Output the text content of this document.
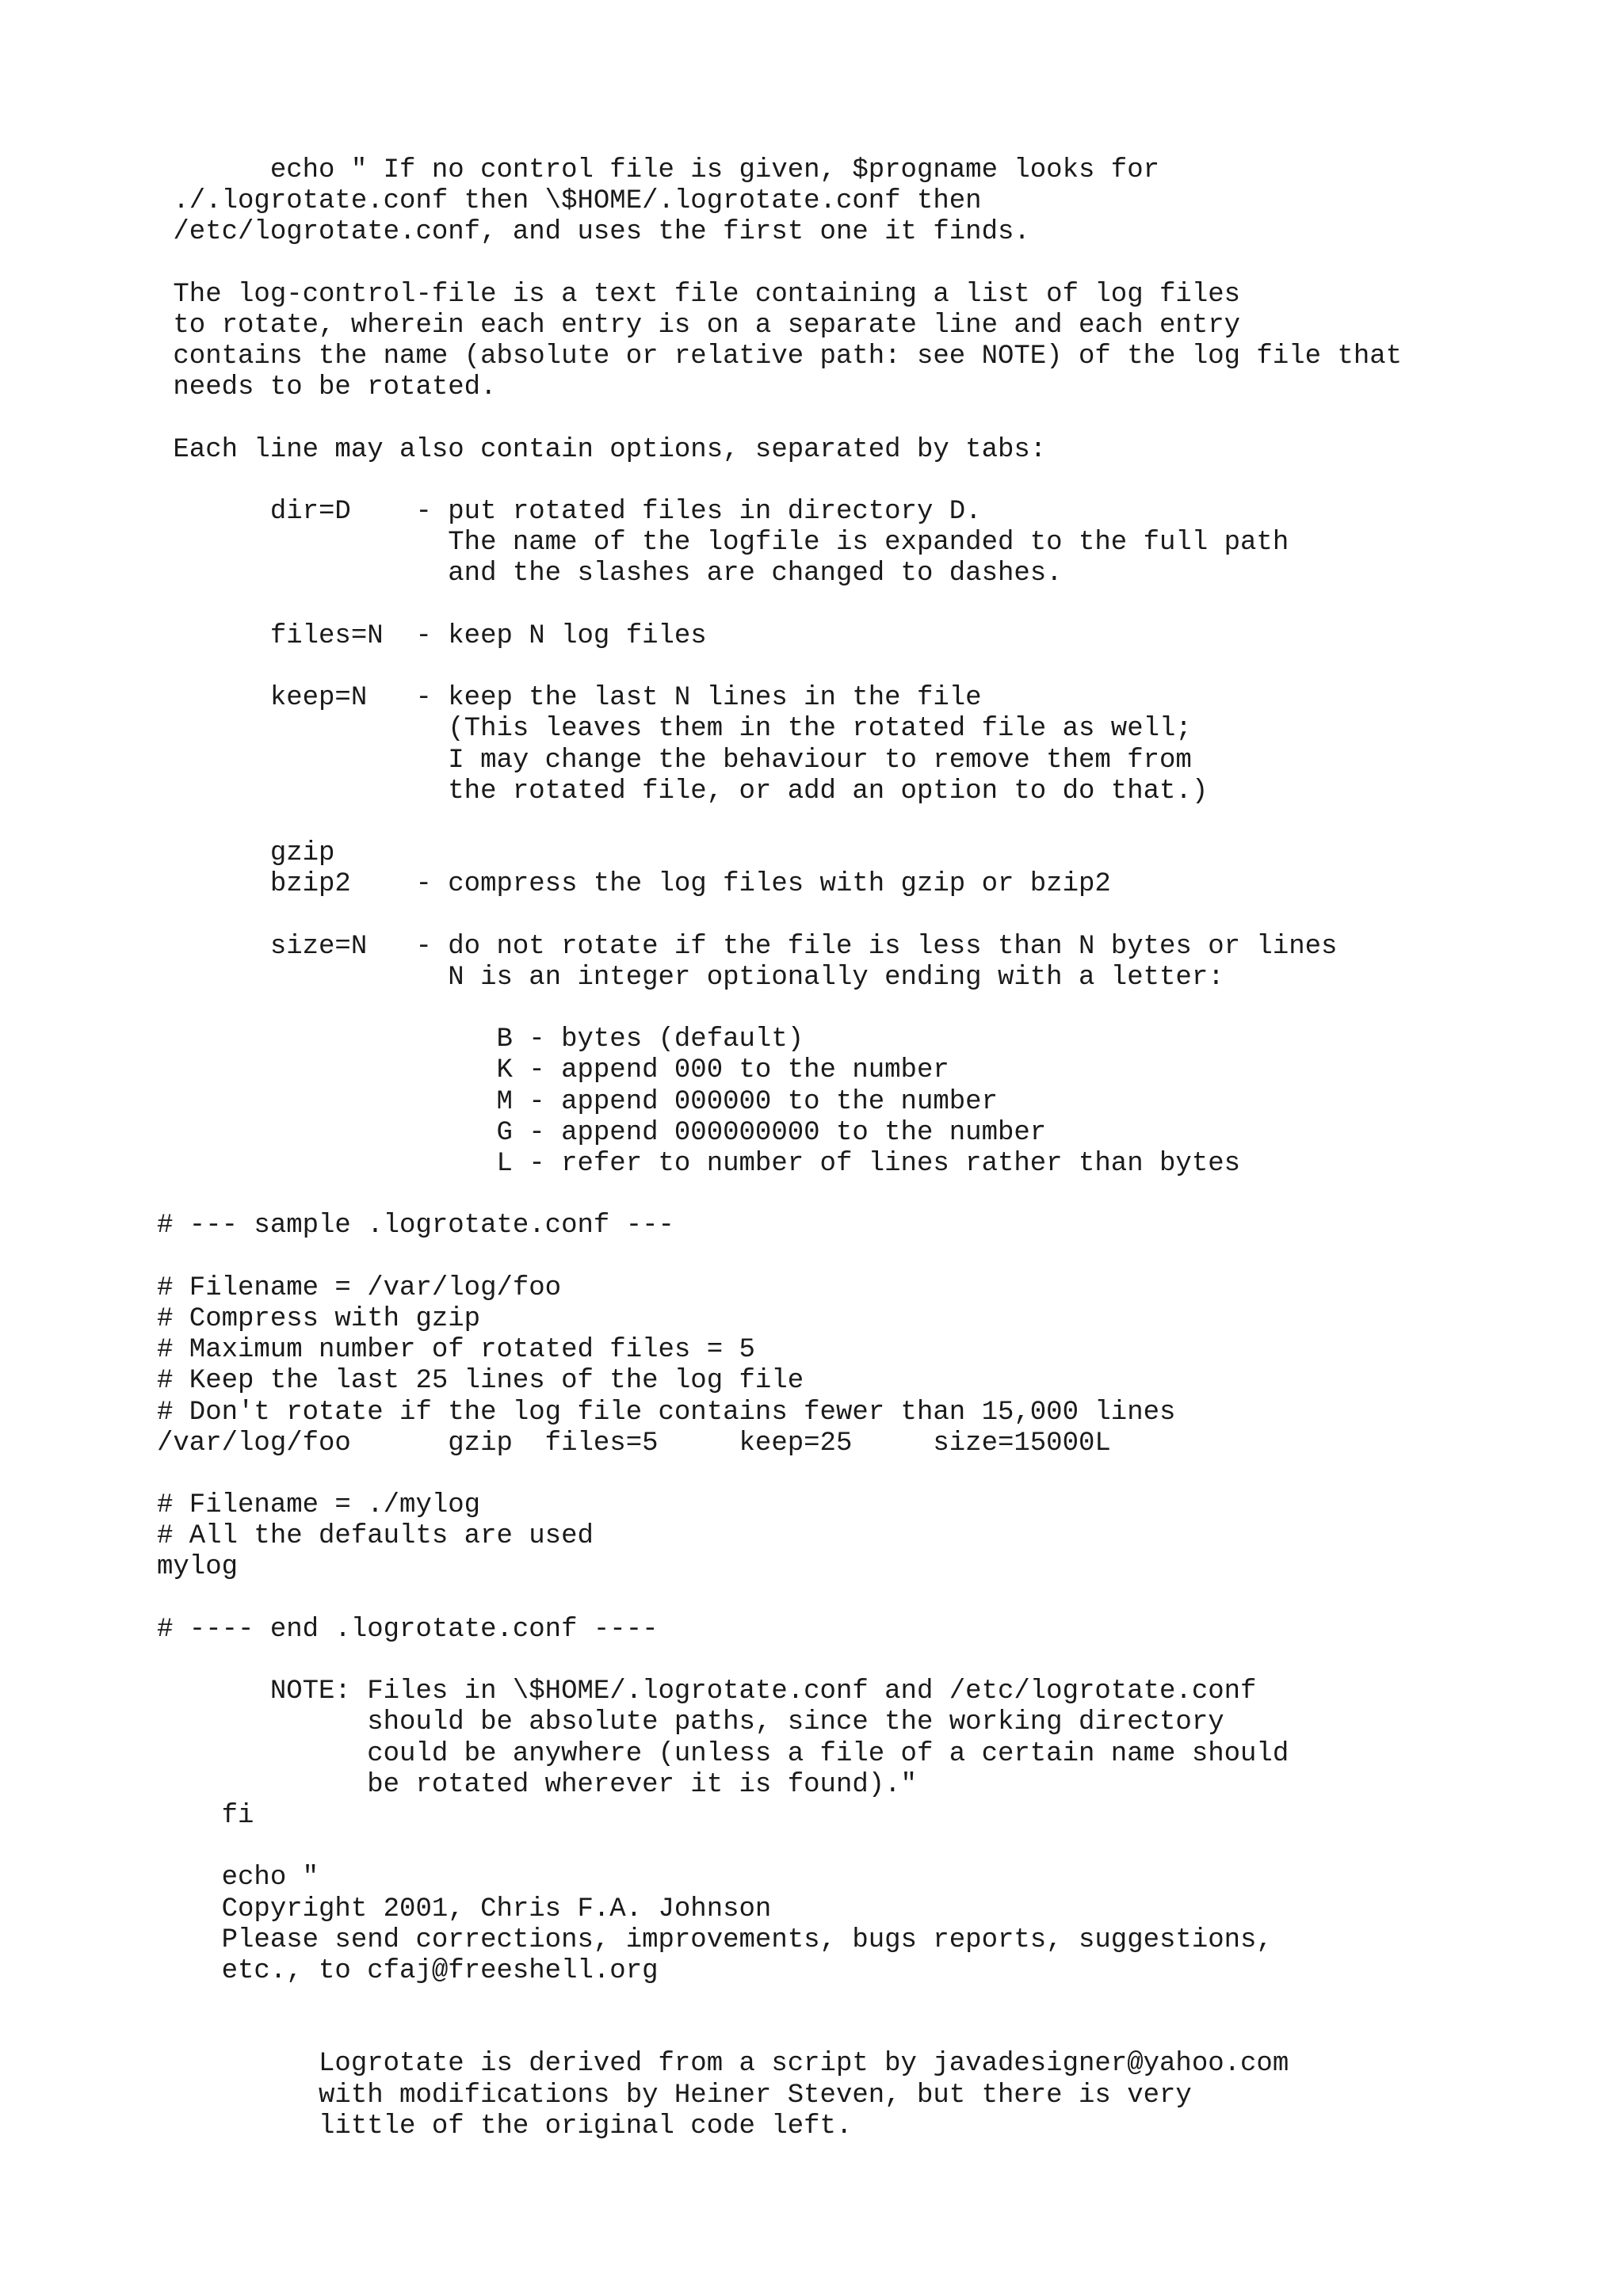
echo " If no control file is given, $progname looks for
./.logrotate.conf then \$HOME/.logrotate.conf then
/etc/logrotate.conf, and uses the first one it finds.
The log-control-file is a text file containing a list of log files
to rotate, wherein each entry is on a separate line and each entry
contains the name (absolute or relative path: see NOTE) of the log file that
needs to be rotated.
Each line may also contain options, separated by tabs:
dir=D    - put rotated files in directory D.
The name of the logfile is expanded to the full path
and the slashes are changed to dashes.
files=N  - keep N log files
keep=N   - keep the last N lines in the file
(This leaves them in the rotated file as well;
I may change the behaviour to remove them from
the rotated file, or add an option to do that.)
gzip
bzip2    - compress the log files with gzip or bzip2
size=N   - do not rotate if the file is less than N bytes or lines
N is an integer optionally ending with a letter:
B - bytes (default)
K - append 000 to the number
M - append 000000 to the number
G - append 000000000 to the number
L - refer to number of lines rather than bytes
# --- sample .logrotate.conf ---
# Filename = /var/log/foo
# Compress with gzip
# Maximum number of rotated files = 5
# Keep the last 25 lines of the log file
# Don't rotate if the log file contains fewer than 15,000 lines
/var/log/foo      gzip  files=5     keep=25     size=15000L
# Filename = ./mylog
# All the defaults are used
mylog
# ---- end .logrotate.conf ----
NOTE: Files in \$HOME/.logrotate.conf and /etc/logrotate.conf
should be absolute paths, since the working directory
could be anywhere (unless a file of a certain name should
be rotated wherever it is found)."
fi
echo "
Copyright 2001, Chris F.A. Johnson
Please send corrections, improvements, bugs reports, suggestions,
etc., to cfaj@freeshell.org
Logrotate is derived from a script by javadesigner@yahoo.com
with modifications by Heiner Steven, but there is very
little of the original code left.
